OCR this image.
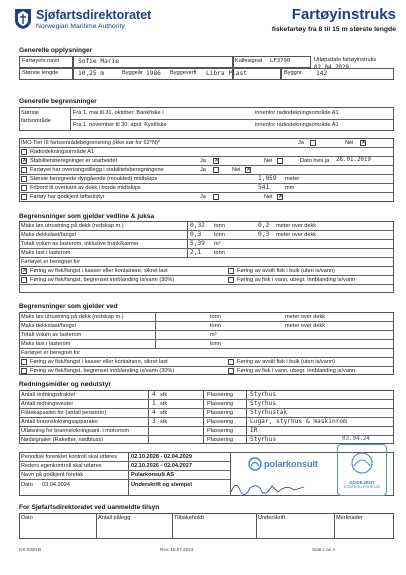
Sjøfartsdirektoratet
Norwegian Maritime Authority
Fartøyinstruks
fiskefartøy fra 8 til 15 m største lengde
Generelle opplysninger
Fartøyets navn	Sofie Marie	Kallesignal LF3790	Utløpsdato fartøyinstruks
02.04.2029
Største lengde	10,25 m	Byggeår 1986 Byggeverft Libra Plast	Byggnr. 142
Generelle begrensninger
Største
fartsområde
Fra 1. mai til 31. oktober: Bankfiske I	innenfor radiodekningsområde A1
Fra 1. november til 30. april: Kystfiske	innenfor radiodekningsområde A1
IMO Tier III fartsområdebegrensning (ikke sør for 62°N)*	Ja	Nei ✕
Radiodekningsområde A1
✕ Stabilitetsberegninger er utarbeidet	Ja ✕	Nei	Dato hvis ja 28.01.2019
Fartøyet har overisingstillegg i stabilitetsberegningene	Ja	Nei ✕
Største beregnede dypgående (moulded) midtskips	1,059 meter
Fribord til overkant av dekk i borde midtskips	541	mm
Fartøy har godkjent løfteutstyr	Ja	Nei ✕
Begrensninger som gjelder vedline & juksa
Maks løs utrustning på dekk (redskap m.)	0,32 tonn	0,2 meter over dekk
Maks dekkslast/fangst	0,3 tonn	0,3 meter over dekk
Totalt volum av lasterom, inklusive trunk/karmer	5,39 m³
Maks last i lasterom	2,1 tonn
Fartøyet er beregnet for
✕ Føring av fisk/fangst i kasser eller kontainere, sikret last	Føring av avsilt fisk i bulk (uten is/vann)
Føring av fisk/fangst, begrenset innblanding is/vann (30%)	Føring av fisk i vann, ubegr. innblanding is/vann
Begrensninger som gjelder ved
Maks løs utrustning på dekk (redskap m.)	tonn	meter over dekk
Maks dekkslast/fangst	tonn	meter over dekk
Totalt volum av lasterom	m³
Maks last i lasterom	tonn
Fartøyet er beregnet for
Føring av fisk/fangst i kasser eller kontainere, sikret last	Føring av avsilt fisk i bulk (uten is/vann)
Føring av fisk/fangst, begrenset innblanding is/vann (30%)	Føring av fisk i vann, ubegr. innblanding is/vann
Redningsmidler og nødutstyr
Antall redningsdrakter	4 stk	Plassering	Styrhus
Antall redningsvester	1 stk	Plassering	Styrhus
Flåtekapasitet for (antall personer)	4 stk	Plassering	Styrhustak
Antall brannslokningsapparater	3 stk	Plassering	Lugar, styrhus & maskinrom
Utløsning for brannslokningsanl. i motorrom	Plassering	IR
Nødsignaler (Raketter, nødbluss)	Plassering	Styrhus
Periodisk forenklet kontroll skal utføres 02.10.2028 - 02.04.2029
Reders egenkontroll skal utføres	02.10.2026 - 02.04.2027
Navn på godkjent foretak	Polarkonsult AS
Dato 03.04.2024	Underskrift og stempel
polarkonsult
03.04.24
GODKJENT
KONTROLLFORETAK
For Sjøfartsdirektoratet ved uanmeldte tilsyn
Dato	Antall pålegg	Tilbakeholdt	Underskrift	Merknader
KS-0320 B	Rev. 10.07.2023	Side 1 av 4
